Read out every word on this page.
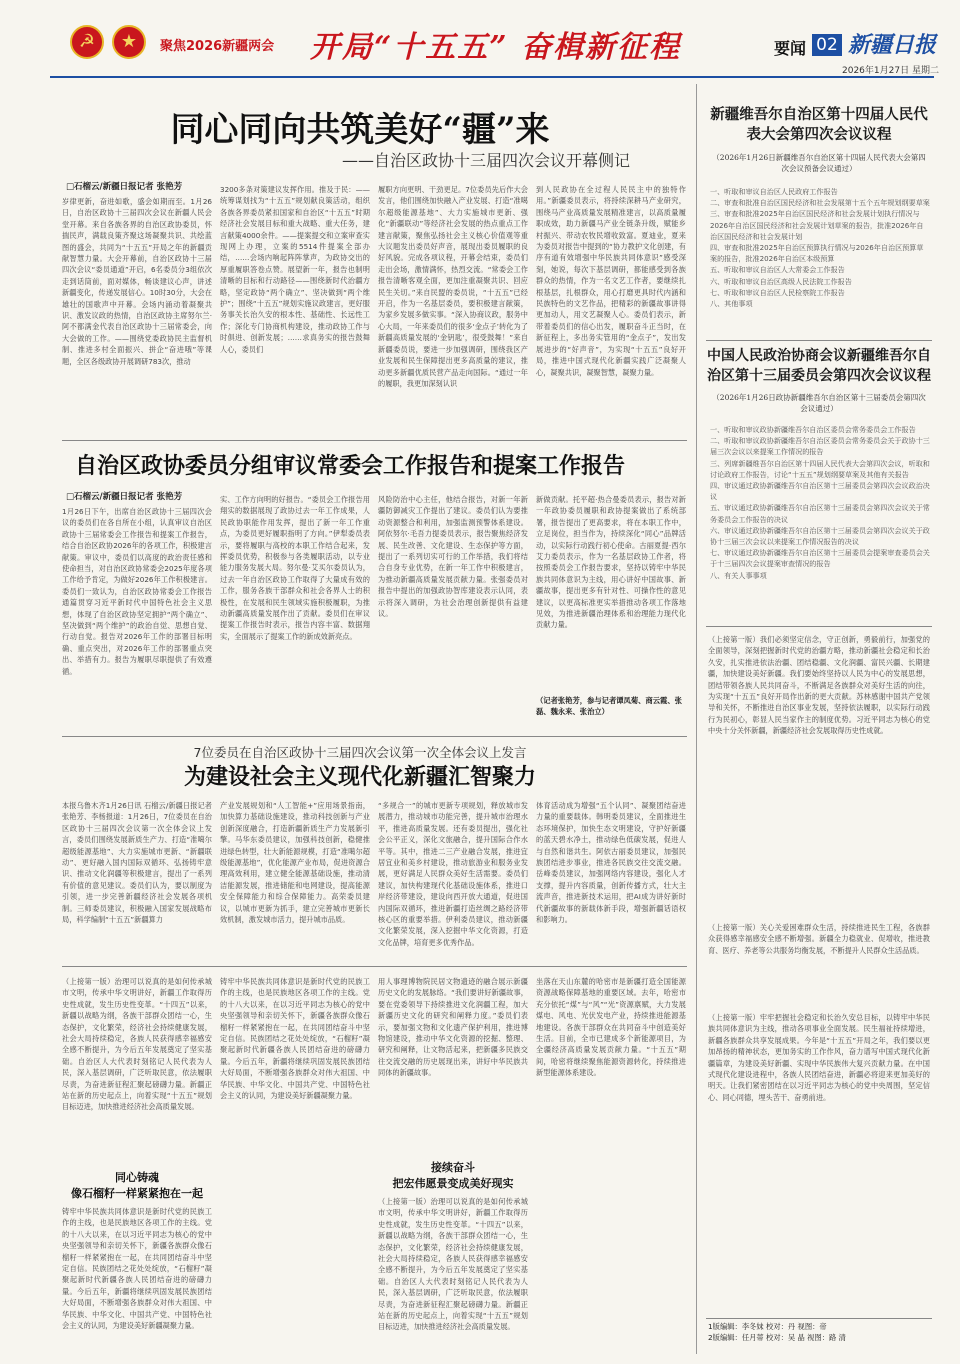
☭	★	聚焦2026新疆两会 开局“十五五” 奋楫新征程	要闻 02 新疆日报
2026年1月27日 星期二
同心同向共筑美好“疆”来
——自治区政协十三届四次会议开幕侧记
□石榴云/新疆日报记者 张艳芳
岁律更新，奋进如歌，盛会如期而至。1月26日，自治区政协十三届四次会议在新疆人民会堂开幕。来自各族各界的自治区政协委员，怀揣民声，满载良策齐聚这场凝聚共识、共绘蓝图的盛会，共同为“十五五”开局之年的新疆贡献智慧力量。大会开幕前，自治区政协十三届四次会议“委员通道”开启，6名委员分3组依次走到话筒前，面对媒体，畅谈建议心声，讲述新疆变化，传递发展信心。10时30分，大会在雄壮的国歌声中开幕。会场内涌动着凝聚共识、激发议政的热情，自治区政协主席努尔兰·阿不都满金代表自治区政协十三届常委会，向大会做的工作。——围绕党委政协民主监督机制、推进多村全面振兴、拼企“奋进哦”等课题，全区各级政协开展调研783次，推动
3200多条对策建议发挥作用。推及于民：——统筹谋划找为“十五五”规划献良策活动，组织各族各界委员紧扣国家和自治区“十五五”时期经济社会发展目标和重大战略、重大任务，建言献策4000余件。——提案提交和立案审查实现网上办理，立案的5514件提案全部办结，……会场内响起阵阵掌声，为政协交出的厚重履职答卷点赞。展望新一年，报告也制明清晰的目标和行动路径——围绕新时代治疆方略，坚定政协“两个确立”、坚决做到“两个维护”；围绕“十五五”规划实施议政建言，更好服务事关长治久安的根本性、基础性、长远性工作；深化专门协商机构建设，推动政协工作与时俱进、创新发展；……求真务实的报告鼓舞人心，委员们
履职方向更明、干劲更足。7位委员先后作大会发言，他们围绕加快融入产业发展、打造“准噶尔超级能源基地”、大力实施城市更新、强化“新疆联动”等经济社会发展的热点重点工作建言献策，聚焦弘扬社会主义核心价值观等重大议题发出委员好声音，展现出委员履职的良好风貌。完成各项议程，开幕会结束，委员们走出会场，激情满怀，热烈交流。“常委会工作报告清晰客观全面，更加注重凝聚共识、回应民生关切。”来自民盟的委员说，“十五五”已经开启，作为一名基层委员，要积极建言献策，为家乡发展多做实事。“深入协商议政，服务中心大局，一年来委员们的很多‘金点子’转化为了新疆高质量发展的‘金钥匙’，很受鼓舞！”来自新疆委员说，要进一步加强调研，围绕我区产业发展和民生保障提出更多高质量的建议，推动更多新疆优质民营产品走向国际。“通过一年的履职，我更加深刻认识
到人民政协在全过程人民民主中的独特作用。”新疆委员表示，将持续深耕马产业研究，围绕马产业高质量发展精准建言，以高质量履职成效，助力新疆马产业全链条升级，赋能乡村振兴、带动农牧民增收致富。夏迪业，夏来为委员对报告中提到的“协力教护文化创建，有序有道有效增强中华民族共同体意识”感受深刻，她说，每次下基层调研，都能感受到各族群众的热情，作为一名文艺工作者，要继续扎根基层，扎根群众，用心打磨更具时代内涵和民族特色的文艺作品，把精彩的新疆故事讲得更加动人，用文艺凝聚人心。委员们表示，新带着委员们的信心出发，履职奋斗正当时，在新征程上，多出务实管用的“金点子”，发出发展进步的“好声音”，为实现“十五五”良好开局，推进中国式现代化新疆实践广泛凝聚人心，凝聚共识，凝聚智慧，凝聚力量。
自治区政协委员分组审议常委会工作报告和提案工作报告
□石榴云/新疆日报记者 张艳芳
1月26日下午，出席自治区政协十三届四次会议的委员们在各自所在小组，认真审议自治区政协十三届常委会工作报告和提案工作报告，结合自治区政协2026年的各项工作，积极建言献策。审议中，委员们以高度的政治责任感和使命担当，对自治区政协常委会2025年度各项工作给予肯定，为做好2026年工作积极建言。委员们一致认为，自治区政协常委会工作报告通篇贯穿习近平新时代中国特色社会主义思想，体现了自治区政协坚定拥护“两个确立”、坚决做到“两个维护”的政治自觉、思想自觉、行动自觉。报告对2026年工作的部署目标明确、重点突出，对2026年工作的部署重点突出、举措有力。报告为履职尽职提供了有效遵循。
实、工作方向明的好报告。“委员会工作报告用翔实的数据展现了政协过去一年工作成果，人民政协职能作用发挥，提出了新一年工作重点，为委员更好履职指明了方向。”伊犁委员表示，要将履职与高校的本职工作结合起来，发挥委员优势，积极参与各类履职活动，以专业能力服务发展大局。努尔曼·艾买尔委员认为，过去一年自治区政协工作取得了大量成有效的工作，服务各族干部群众和社会各界人士的积极性，在发展和民生领域实施积极履职，为推动新疆高质量发展作出了贡献。委员们在审议提案工作报告时表示，报告内容丰富、数据翔实，全面展示了提案工作的新成效新亮点。
风险防治中心主任，他结合报告，对新一年新疆防御减灾工作提出了建议。委员们认为要推动资源整合和利用，加强监测预警体系建设。阿依努尔·毛吾力提委员表示，报告聚焦经济发展、民生改善、文化建设、生态保护等方面，提出了一系列切实可行的工作举措，我们将结合自身专业优势，在新一年工作中积极建言，为推动新疆高质量发展贡献力量。张强委员对报告中提出的加强政协智库建设表示认同，表示将深入调研，为社会治理创新提供有益建议。
新做贡献。托平超·热合曼委员表示，报告对新一年政协委员履职和政协提案做出了系统部署，报告提出了更高要求，将在本职工作中，立足岗位，担当作为，持续深化“同心”品牌活动，以实际行动践行初心使命。古丽夏提·西尔艾力委员表示，作为一名基层政协工作者，将按照委员会工作报告要求，坚持以铸牢中华民族共同体意识为主线，用心讲好中国故事、新疆故事，提出更多有针对性、可操作性的意见建议，以更高标准更实举措推动各项工作落地见效，为推进新疆治理体系和治理能力现代化贡献力量。
（记者张艳芳，参与记者谭凤菊、商云霞、张磊、魏永来、张治立）
7位委员在自治区政协十三届四次会议第一次全体会议上发言
为建设社会主义现代化新疆汇智聚力
本报乌鲁木齐1月26日讯 石榴云/新疆日报记者张艳芳、李杨报道：1月26日，7位委员在自治区政协十三届四次会议第一次全体会议上发言，委员们围绕发展新质生产力、打造“准噶尔超级能源基地”、大力实施城市更新、“新疆联动”、更好融入国内国际双循环、弘扬铸牢意识、推动文化润疆等积极建言，提出了一系列有价值的意见建议。委员们认为，要以制度为引领，进一步完善新疆经济社会发展各项机制。三师委员建议，积极融入国家发展战略布局，科学编制“十五五”新疆算力
产业发展规划和“人工智能+”应用场景指南，加快算力基础设施建设，推动科技创新与产业创新深度融合，打造新疆新质生产力发展新引擎。马华东委员建议，加强科技创新，稳健推进绿色转型，壮大新能源规模，打造“准噶尔超级能源基地”，优化能源产业布局，促进资源合理高效利用，建立健全能源基础设施，推动清洁能源发展，推进储能和电网建设，提高能源安全保障能力和综合保障能力。高荣委员建议，以城市更新为抓手，建立完善城市更新长效机制，激发城市活力，提升城市品质。
“多规合一”的城市更新专项规划，释放城市发展潜力，推动城市功能完善，提升城市治理水平，推进高质量发展。还有委员提出，强化社会公平正义，深化文旅融合，提升国际合作水平等。其中，推进二三产业融合发展，推进宜居宜业和美乡村建设，推动旅游业和服务业发展，更好满足人民群众美好生活需要。委员们建议，加快构建现代化基础设施体系，推进口岸经济带建设，建设向西开放大通道，促进国内国际双循环，推进新疆打造丝绸之路经济带核心区的重要举措。伊利委员建议，推动新疆文化繁荣发展，深入挖掘中华文化资源，打造文化品牌，培育更多优秀作品。
体育活动成为增强“五个认同”、凝聚团结奋进力量的重要载体。韩明委员建议，全面推进生态环境保护，加快生态文明建设，守护好新疆的蓝天碧水净土，推动绿色低碳发展，促进人与自然和谐共生。阿依古丽委员建议，加强民族团结进步事业，推进各民族交往交流交融。岳峰委员建议，加强网络内容建设，强化人才支撑，提升内容质量，创新传播方式，壮大主流声音，推进新技术运用，把AI成为讲好新时代新疆故事的新载体新手段，增强新疆话语权和影响力。
（上接第一版）治理可以说真的是如何传承城市文明，传承中华文明讲好，新疆工作取得历史性成就，发生历史性变革。“十四五”以来，新疆以战略为纲，各族干部群众团结一心，生态保护，文化繁荣，经济社会持续健康发展，社会大局持续稳定，各族人民获得感幸福感安全感不断提升，为今后五年发展奠定了坚实基础。自治区人大代表时刻铭记人民代表为人民，深入基层调研，广泛听取民意，依法履职尽责，为奋进新征程汇聚起磅礴力量。新疆正站在新的历史起点上，向着实现“十五五”规划目标迈进，加快推进经济社会高质量发展。
同心铸魂
像石榴籽一样紧紧抱在一起
铸牢中华民族共同体意识是新时代党的民族工作的主线，也是民族地区各项工作的主线。党的十八大以来，在以习近平同志为核心的党中央坚强领导和亲切关怀下，新疆各族群众像石榴籽一样紧紧抱在一起，在共同团结奋斗中坚定自信。民族团结之花处处绽放，“石榴籽”凝聚起新时代新疆各族人民团结奋进的磅礴力量。今后五年，新疆将继续巩固发展民族团结大好局面，不断增强各族群众对伟大祖国、中华民族、中华文化、中国共产党、中国特色社会主义的认同，为建设美好新疆凝聚力量。
铸牢中华民族共同体意识是新时代党的民族工作的主线，也是民族地区各项工作的主线。党的十八大以来，在以习近平同志为核心的党中央坚强领导和亲切关怀下，新疆各族群众像石榴籽一样紧紧抱在一起，在共同团结奋斗中坚定自信。民族团结之花处处绽放，“石榴籽”凝聚起新时代新疆各族人民团结奋进的磅礴力量。今后五年，新疆将继续巩固发展民族团结大好局面，不断增强各族群众对伟大祖国、中华民族、中华文化、中国共产党、中国特色社会主义的认同，为建设美好新疆凝聚力量。
用人事理博物院民居文物遗迹的融合展示新疆历史文化的发展脉络。“我们要讲好新疆故事，要在党委领导下持续推进文化润疆工程，加大新疆历史文化的研究和阐释力度。”委员们表示，要加强文物和文化遗产保护利用，推进博物馆建设，推动中华文化资源的挖掘、整理、研究和阐释，让文物活起来，把新疆多民族交往交流交融的历史展现出来，讲好中华民族共同体的新疆故事。
接续奋斗
把宏伟愿景变成美好现实
（上接第一版）治理可以说真的是如何传承城市文明，传承中华文明讲好，新疆工作取得历史性成就，发生历史性变革。“十四五”以来，新疆以战略为纲，各族干部群众团结一心，生态保护，文化繁荣，经济社会持续健康发展，社会大局持续稳定，各族人民获得感幸福感安全感不断提升，为今后五年发展奠定了坚实基础。自治区人大代表时刻铭记人民代表为人民，深入基层调研，广泛听取民意，依法履职尽责，为奋进新征程汇聚起磅礴力量。新疆正站在新的历史起点上，向着实现“十五五”规划目标迈进，加快推进经济社会高质量发展。
坐落在天山东麓的哈密市是新疆打造全国能源资源战略保障基地的重要区域。去年，哈密市充分依托“煤”与“风”“光”资源禀赋，大力发展煤电、风电、光伏发电产业，持续推进能源基地建设。各族干部群众在共同奋斗中创造美好生活。目前，全市已建成多个新能源项目，为全疆经济高质量发展贡献力量。“十五五”期间，哈密将继续聚焦能源资源转化，持续推进新型能源体系建设。
新疆维吾尔自治区第十四届人民代表大会第四次会议议程
（2026年1月26日新疆维吾尔自治区第十四届人民代表大会第四次会议预备会议通过）
一、听取和审议自治区人民政府工作报告
二、审查和批准自治区国民经济和社会发展第十五个五年规划纲要草案
三、审查和批准2025年自治区国民经济和社会发展计划执行情况与2026年自治区国民经济和社会发展计划草案的报告，批准2026年自治区国民经济和社会发展计划
四、审查和批准2025年自治区预算执行情况与2026年自治区预算草案的报告，批准2026年自治区本级预算
五、听取和审议自治区人大常委会工作报告
六、听取和审议自治区高级人民法院工作报告
七、听取和审议自治区人民检察院工作报告
八、其他事项
中国人民政治协商会议新疆维吾尔自治区第十三届委员会第四次会议议程
（2026年1月26日政协新疆维吾尔自治区第十三届委员会第四次会议通过）
一、听取和审议政协新疆维吾尔自治区委员会常务委员会工作报告
二、听取和审议政协新疆维吾尔自治区委员会常务委员会关于政协十三届三次会议以来提案工作情况的报告
三、列席新疆维吾尔自治区第十四届人民代表大会第四次会议，听取和讨论政府工作报告，讨论“十五五”规划纲要草案及其他有关报告
四、审议通过政协新疆维吾尔自治区第十三届委员会第四次会议政治决议
五、审议通过政协新疆维吾尔自治区第十三届委员会第四次会议关于常务委员会工作报告的决议
六、审议通过政协新疆维吾尔自治区第十三届委员会第四次会议关于政协十三届三次会议以来提案工作情况报告的决议
七、审议通过政协新疆维吾尔自治区第十三届委员会提案审查委员会关于十三届四次会议提案审查情况的报告
八、有关人事事项
（上接第一版）我们必须坚定信念，守正创新，勇毅前行，加强党的全面领导，深刻把握新时代党的治疆方略，推动新疆社会稳定和长治久安，扎实推进依法治疆、团结稳疆、文化润疆、富民兴疆、长期建疆，加快建设美好新疆。我们要始终坚持以人民为中心的发展思想，团结带领各族人民共同奋斗，不断满足各族群众对美好生活的向往，为实现“十五五”良好开局作出新的更大贡献。苏林感谢中国共产党领导和关怀，不断推进自治区事业发展，坚持依法履职，以实际行动践行为民初心，彰显人民当家作主的制度优势。习近平同志为核心的党中央十分关怀新疆，新疆经济社会发展取得历史性成就。
（上接第一版）关心关爱困难群众生活，持续推进民生工程，各族群众获得感幸福感安全感不断增强。新疆全力稳就业、促增收，推进教育、医疗、养老等公共服务均衡发展，不断提升人民群众生活品质。
（上接第一版）牢牢把握社会稳定和长治久安总目标，以铸牢中华民族共同体意识为主线，推动各项事业全面发展。民生福祉持续增进，新疆各族群众共享发展成果。今年是“十五五”开局之年，我们要以更加昂扬的精神状态，更加务实的工作作风，奋力谱写中国式现代化新疆篇章，为建设美好新疆、实现中华民族伟大复兴贡献力量。在中国式现代化建设进程中，各族人民团结奋进，新疆必将迎来更加美好的明天。让我们紧密团结在以习近平同志为核心的党中央周围，坚定信心、同心同德，埋头苦干、奋勇前进。
1版编辑：李冬妹 校对：丹 视图：帝
2版编辑：任月蒂 校对：吴 晶 视图：路 清
